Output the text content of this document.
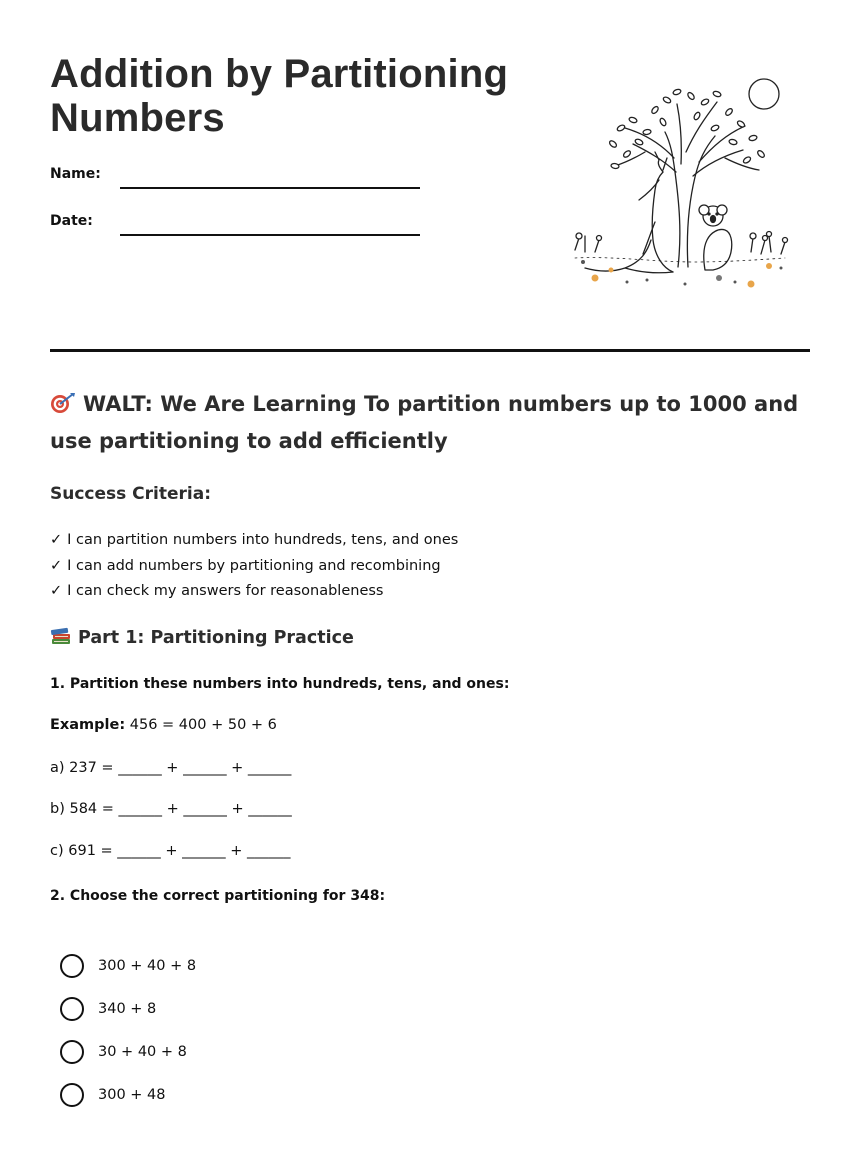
Addition by Partitioning Numbers
Name:
Date:
WALT: We Are Learning To partition numbers up to 1000 and use partitioning to add efficiently
Success Criteria:
✓ I can partition numbers into hundreds, tens, and ones
✓ I can add numbers by partitioning and recombining
✓ I can check my answers for reasonableness
Part 1: Partitioning Practice
1. Partition these numbers into hundreds, tens, and ones:
Example: 456 = 400 + 50 + 6
a) 237 = ______ + ______ + ______
b) 584 = ______ + ______ + ______
c) 691 = ______ + ______ + ______
2. Choose the correct partitioning for 348:
300 + 40 + 8
340 + 8
30 + 40 + 8
300 + 48
